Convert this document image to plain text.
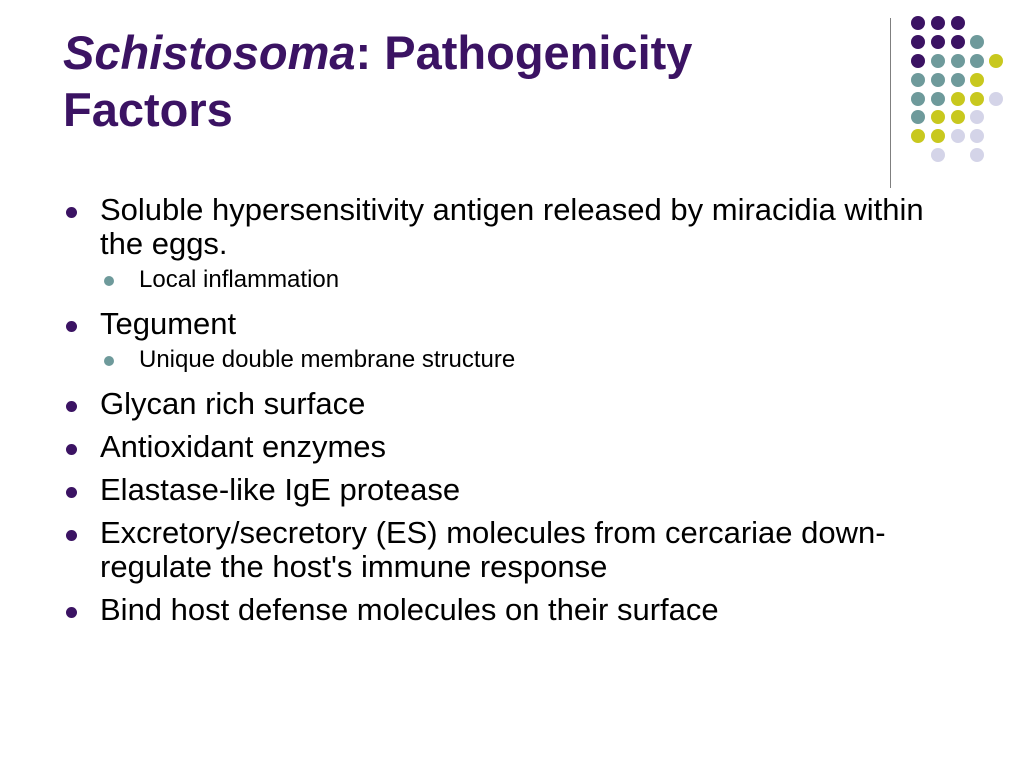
Schistosoma: Pathogenicity Factors
Soluble hypersensitivity antigen released by miracidia within the eggs.
Local inflammation
Tegument
Unique double membrane structure
Glycan rich surface
Antioxidant enzymes
Elastase-like IgE protease
Excretory/secretory (ES) molecules from cercariae down-regulate the host's immune response
Bind host defense molecules on their surface
